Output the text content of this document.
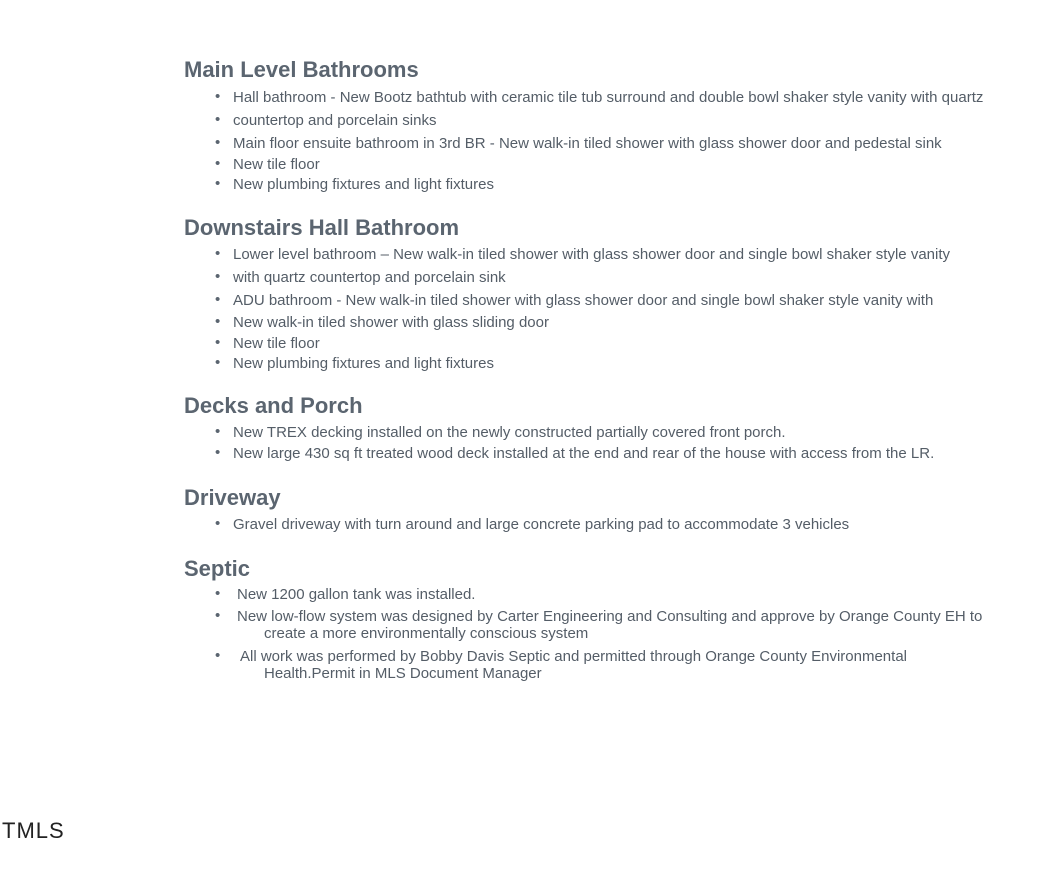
Main Level Bathrooms
• Hall bathroom - New Bootz bathtub with ceramic tile tub surround and double bowl shaker style vanity with quartz
• countertop and porcelain sinks
• Main floor ensuite bathroom in 3rd BR - New walk-in tiled shower with glass shower door and pedestal sink
• New tile floor
• New plumbing fixtures and light fixtures
Downstairs Hall Bathroom
• Lower level bathroom – New walk-in tiled shower with glass shower door and single bowl shaker style vanity
• with quartz countertop and porcelain sink
• ADU bathroom - New walk-in tiled shower with glass shower door and single bowl shaker style vanity with
• New walk-in tiled shower with glass sliding door
• New tile floor
• New plumbing fixtures and light fixtures
Decks and Porch
• New TREX decking installed on the newly constructed partially covered front porch.
• New large 430 sq ft treated wood deck installed at the end and rear of the house with access from the LR.
Driveway
• Gravel driveway with turn around and large concrete parking pad to accommodate 3 vehicles
Septic
• New 1200 gallon tank was installed.
• New low-flow system was designed by Carter Engineering and Consulting and approve by Orange County EH to
create a more environmentally conscious system
• All work was performed by Bobby Davis Septic and permitted through Orange County Environmental
Health.Permit in MLS Document Manager
TMLS
